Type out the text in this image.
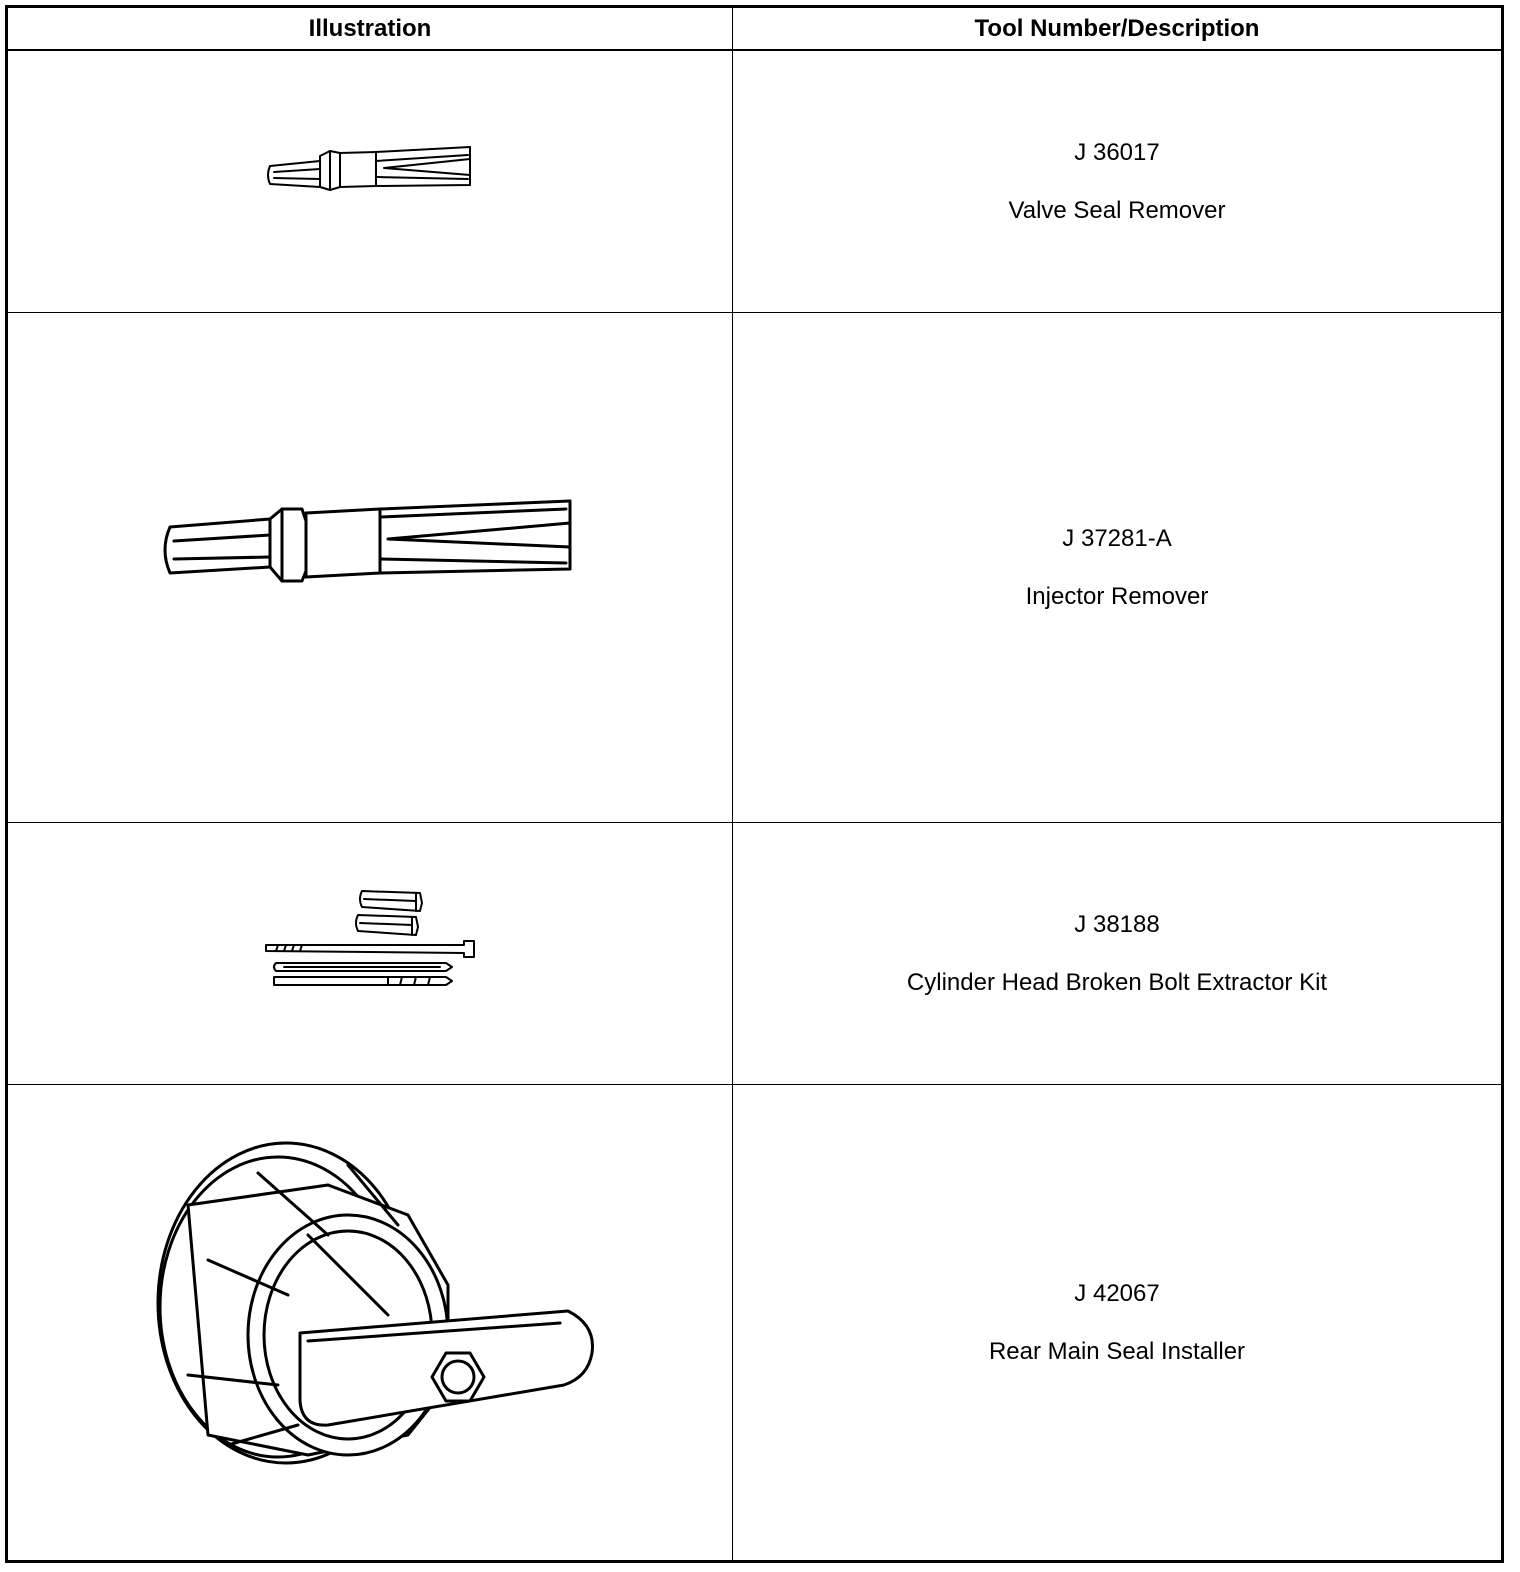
Illustration	Tool Number/Description
J 36017
Valve Seal Remover
J 37281-A
Injector Remover
J 38188
Cylinder Head Broken Bolt Extractor Kit
J 42067
Rear Main Seal Installer
